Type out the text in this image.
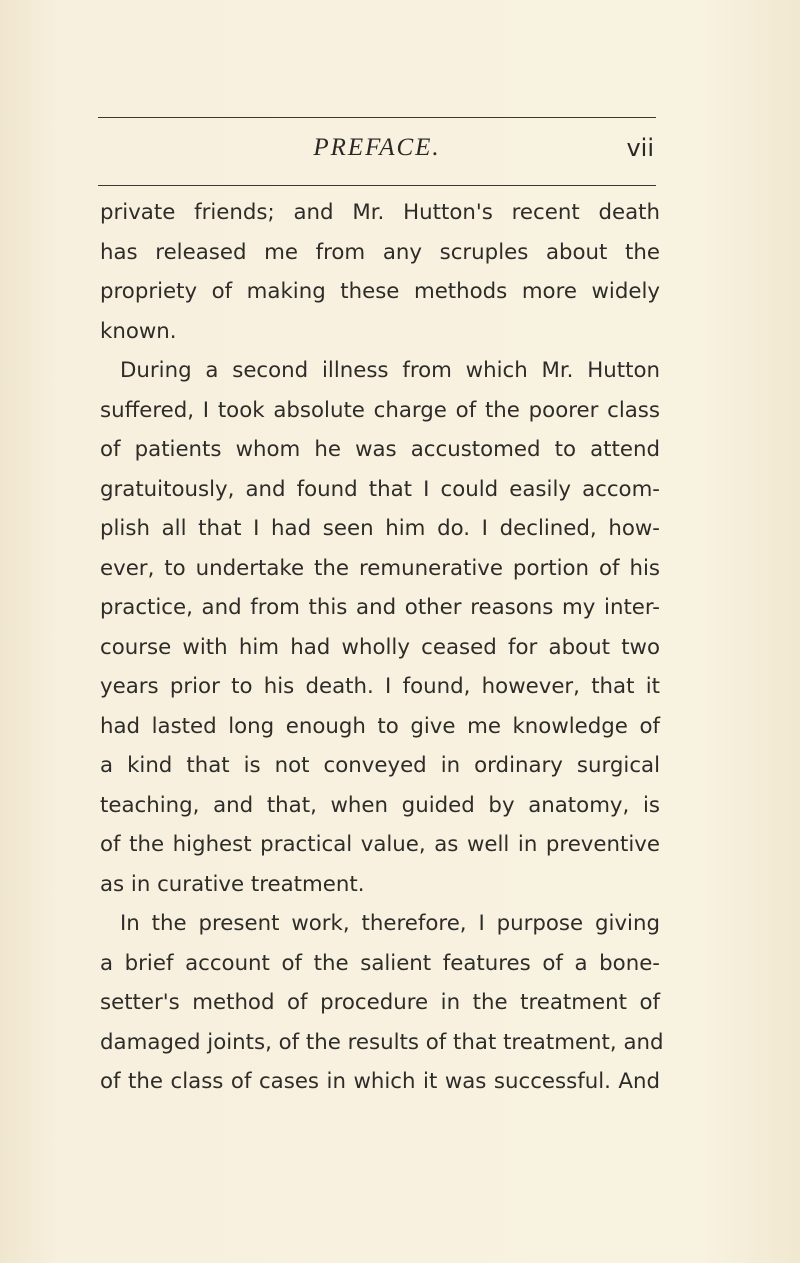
PREFACE.	vii
private friends; and Mr. Hutton's recent death
has released me from any scruples about the
propriety of making these methods more widely
known.
During a second illness from which Mr. Hutton
suffered, I took absolute charge of the poorer class
of patients whom he was accustomed to attend
gratuitously, and found that I could easily accom-
plish all that I had seen him do. I declined, how-
ever, to undertake the remunerative portion of his
practice, and from this and other reasons my inter-
course with him had wholly ceased for about two
years prior to his death. I found, however, that it
had lasted long enough to give me knowledge of
a kind that is not conveyed in ordinary surgical
teaching, and that, when guided by anatomy, is
of the highest practical value, as well in preventive
as in curative treatment.
In the present work, therefore, I purpose giving
a brief account of the salient features of a bone-
setter's method of procedure in the treatment of
damaged joints, of the results of that treatment, and
of the class of cases in which it was successful. And
